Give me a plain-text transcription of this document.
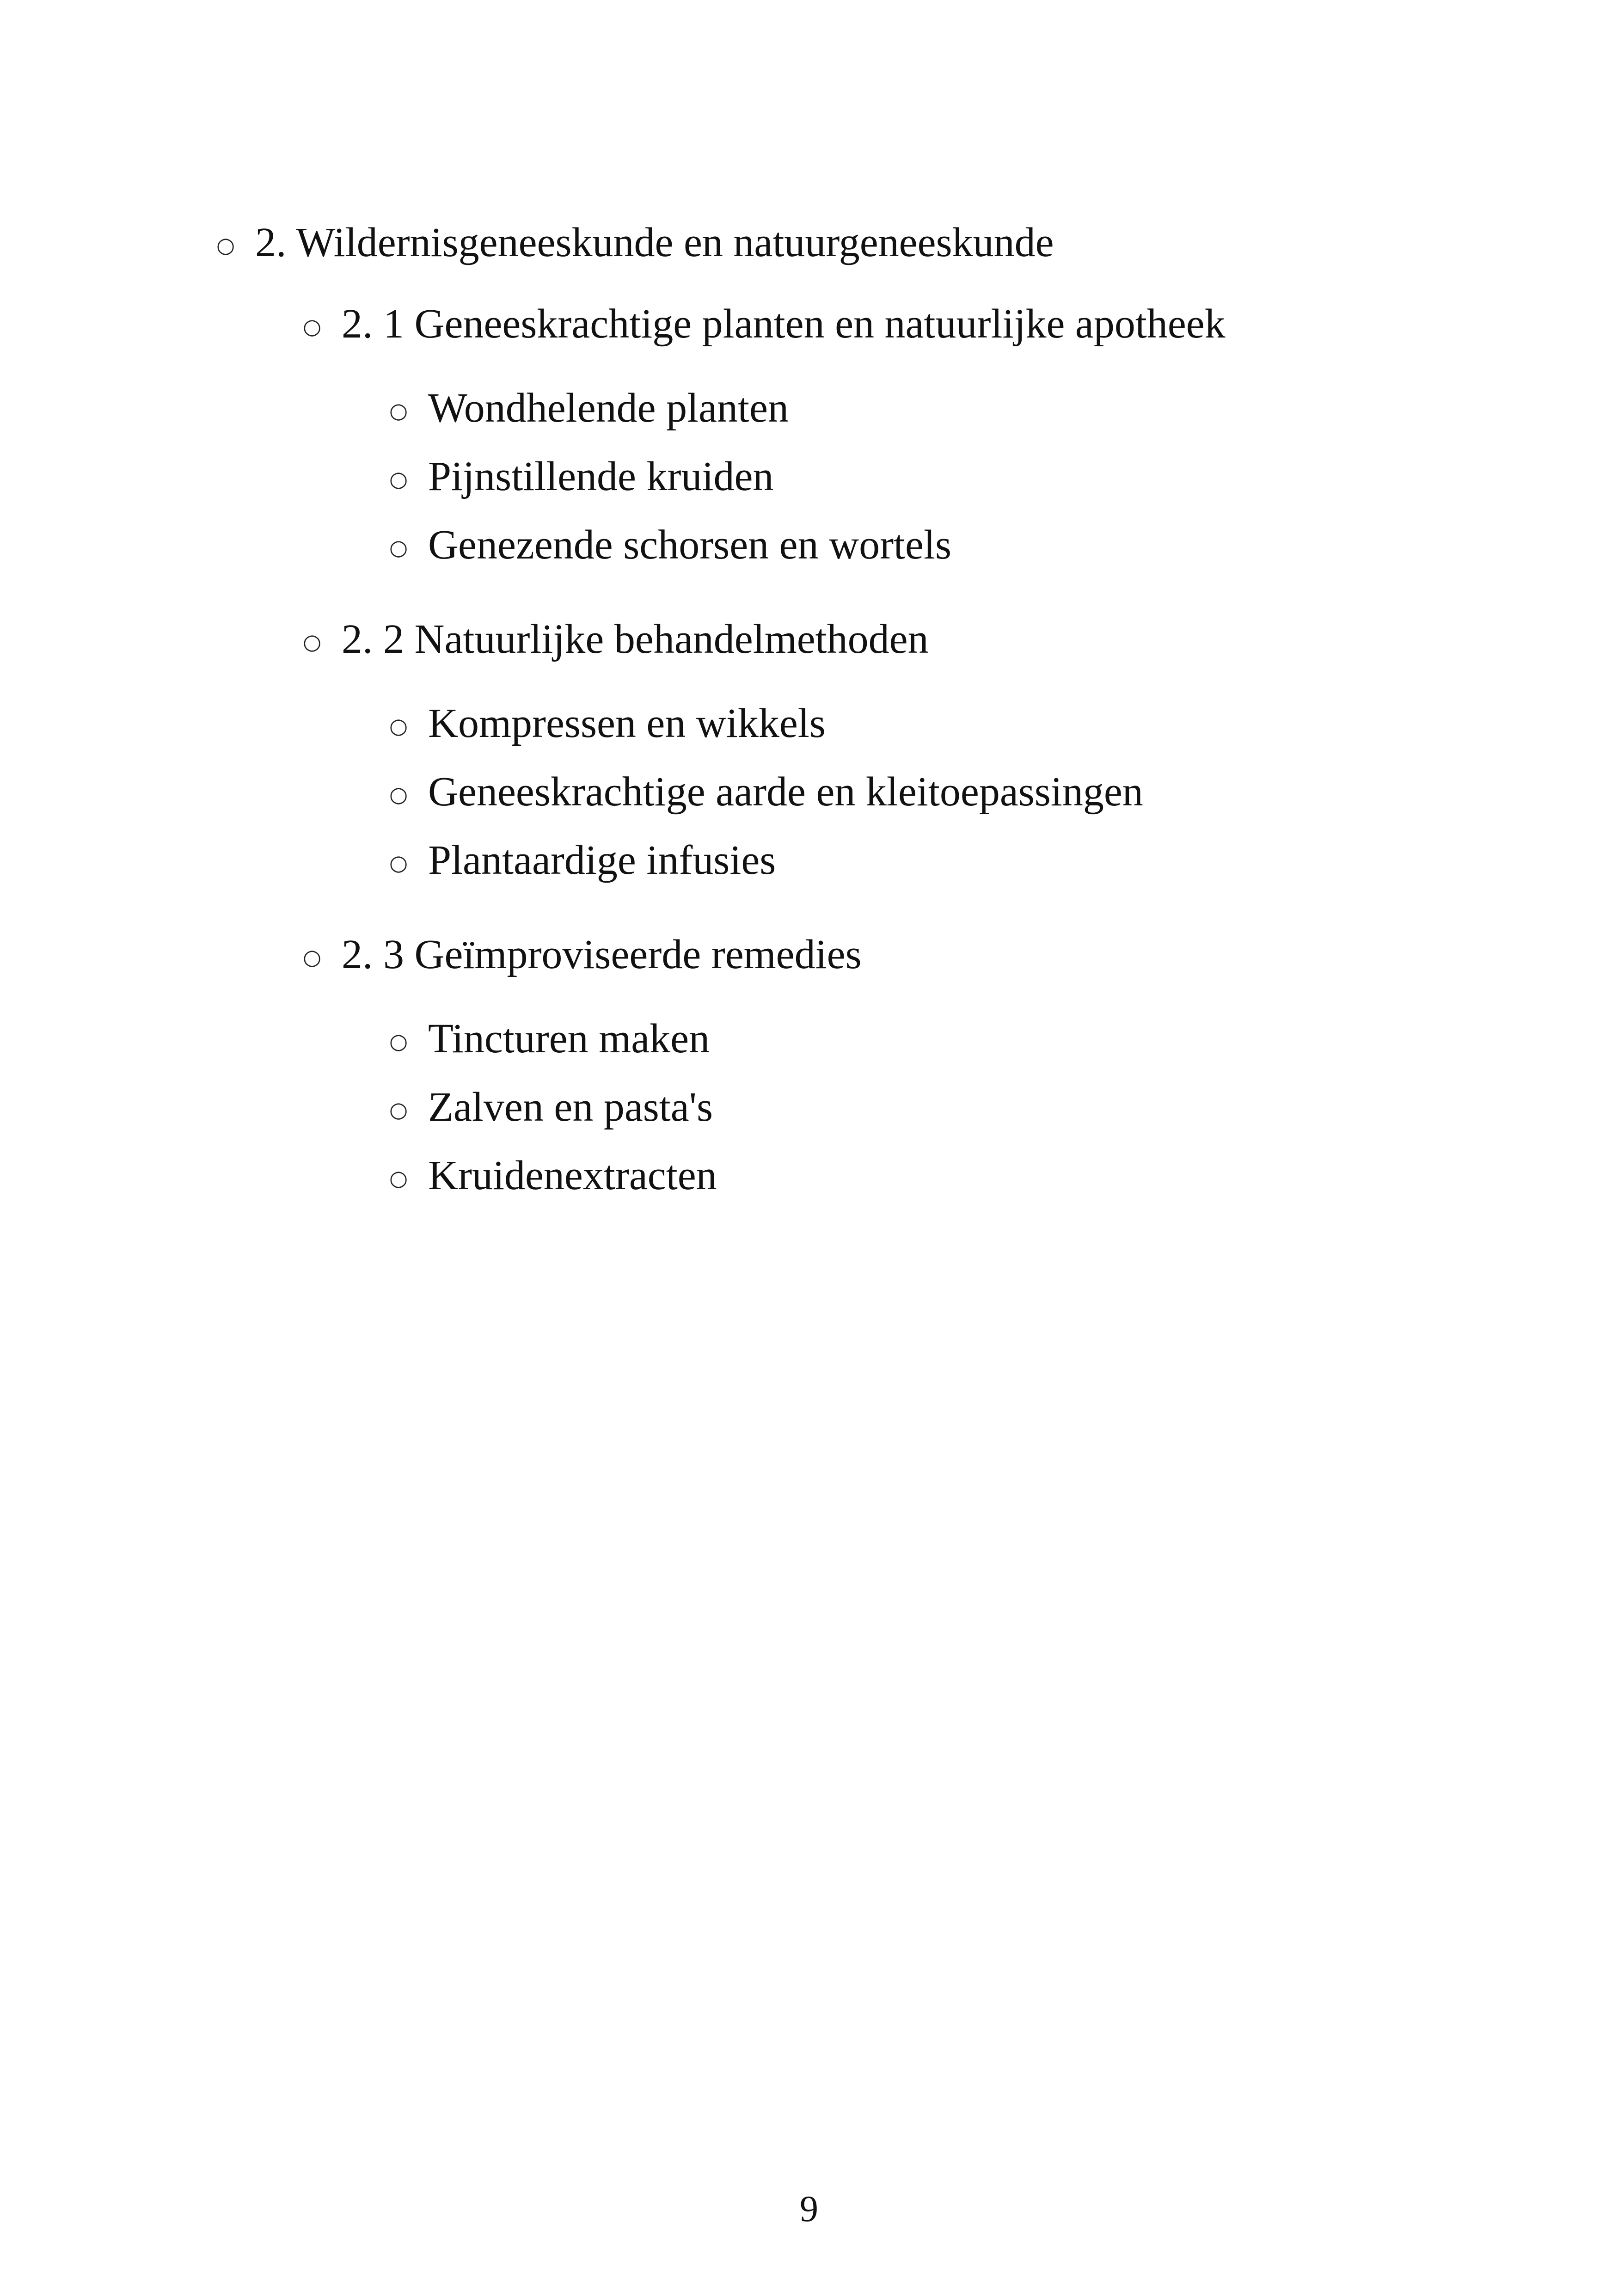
○ 2. Wildernisgeneeskunde en natuurgeneeskunde
○ 2. 1 Geneeskrachtige planten en natuurlijke apotheek
○ Wondhelende planten
○ Pijnstillende kruiden
○ Genezende schorsen en wortels
○ 2. 2 Natuurlijke behandelmethoden
○ Kompressen en wikkels
○ Geneeskrachtige aarde en kleitoepassingen
○ Plantaardige infusies
○ 2. 3 Geïmproviseerde remedies
○ Tincturen maken
○ Zalven en pasta's
○ Kruidenextracten
9
